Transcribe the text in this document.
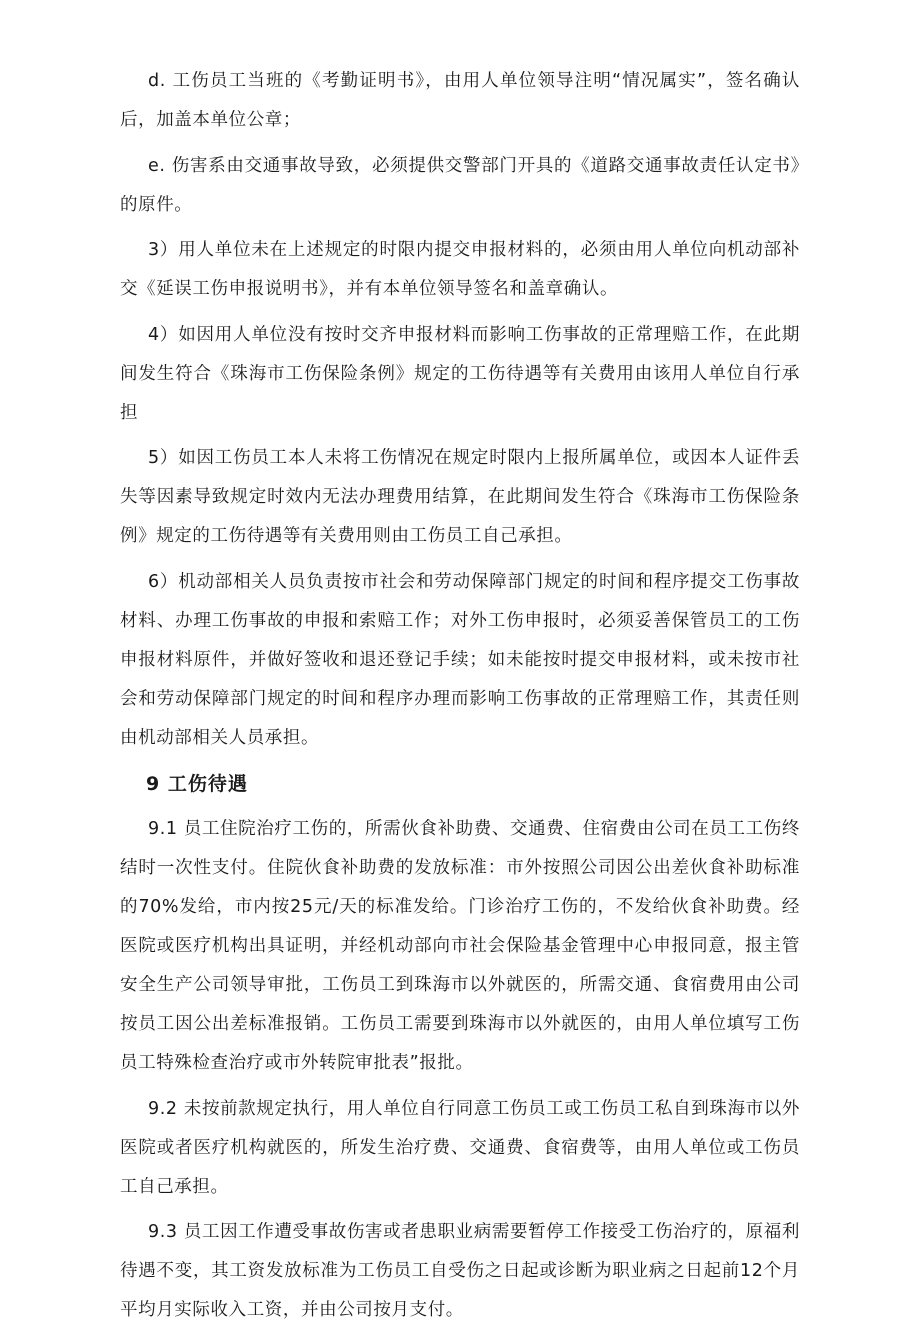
d. 工伤员工当班的《考勤证明书》，由用人单位领导注明“情况属实”，签名确认后，加盖本单位公章；

e. 伤害系由交通事故导致，必须提供交警部门开具的《道路交通事故责任认定书》的原件。

3）用人单位未在上述规定的时限内提交申报材料的，必须由用人单位向机动部补交《延误工伤申报说明书》，并有本单位领导签名和盖章确认。

4）如因用人单位没有按时交齐申报材料而影响工伤事故的正常理赔工作，在此期间发生符合《珠海市工伤保险条例》规定的工伤待遇等有关费用由该用人单位自行承担

5）如因工伤员工本人未将工伤情况在规定时限内上报所属单位，或因本人证件丢失等因素导致规定时效内无法办理费用结算，在此期间发生符合《珠海市工伤保险条例》规定的工伤待遇等有关费用则由工伤员工自己承担。

6）机动部相关人员负责按市社会和劳动保障部门规定的时间和程序提交工伤事故材料、办理工伤事故的申报和索赔工作；对外工伤申报时，必须妥善保管员工的工伤申报材料原件，并做好签收和退还登记手续；如未能按时提交申报材料，或未按市社会和劳动保障部门规定的时间和程序办理而影响工伤事故的正常理赔工作，其责任则由机动部相关人员承担。

9 工伤待遇

9.1 员工住院治疗工伤的，所需伙食补助费、交通费、住宿费由公司在员工工伤终结时一次性支付。住院伙食补助费的发放标准：市外按照公司因公出差伙食补助标准的70%发给，市内按25元/天的标准发给。门诊治疗工伤的，不发给伙食补助费。经医院或医疗机构出具证明，并经机动部向市社会保险基金管理中心申报同意，报主管安全生产公司领导审批，工伤员工到珠海市以外就医的，所需交通、食宿费用由公司按员工因公出差标准报销。工伤员工需要到珠海市以外就医的，由用人单位填写工伤员工特殊检查治疗或市外转院审批表”报批。

9.2 未按前款规定执行，用人单位自行同意工伤员工或工伤员工私自到珠海市以外医院或者医疗机构就医的，所发生治疗费、交通费、食宿费等，由用人单位或工伤员工自己承担。

9.3 员工因工作遭受事故伤害或者患职业病需要暂停工作接受工伤治疗的，原福利待遇不变，其工资发放标准为工伤员工自受伤之日起或诊断为职业病之日起前12个月平均月实际收入工资，并由公司按月支付。
